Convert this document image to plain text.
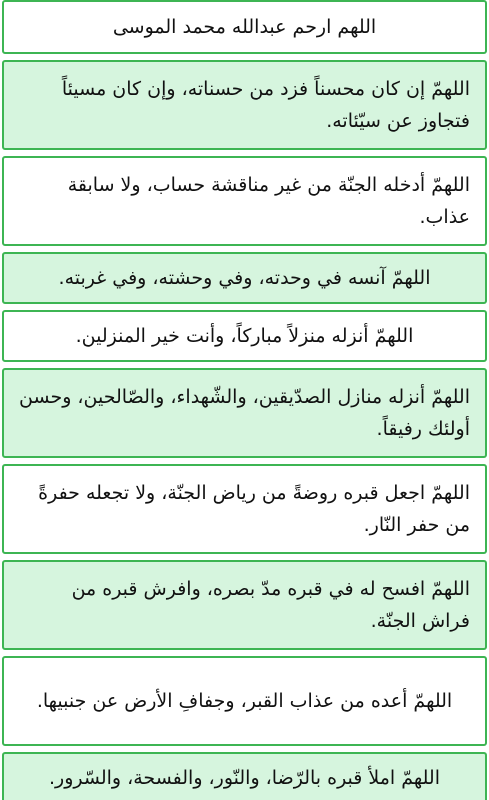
اللهم ارحم عبدالله محمد الموسى
اللهمّ إن كان محسناً فزد من حسناته، وإن كان مسيئاً فتجاوز عن سيّئاته.
اللهمّ أدخله الجنّة من غير مناقشة حساب، ولا سابقة عذاب.
اللهمّ آنسه في وحدته، وفي وحشته، وفي غربته.
اللهمّ أنزله منزلاً مباركاً، وأنت خير المنزلين.
اللهمّ أنزله منازل الصدّيقين، والشّهداء، والصّالحين، وحسن أولئك رفيقاً.
اللهمّ اجعل قبره روضةً من رياض الجنّة، ولا تجعله حفرةً من حفر النّار.
اللهمّ افسح له في قبره مدّ بصره، وافرش قبره من فراش الجنّة.
اللهمّ أعده من عذاب القبر، وجفافِ الأرض عن جنبيها.
اللهمّ املأ قبره بالرّضا، والنّور، والفسحة، والسّرور.
